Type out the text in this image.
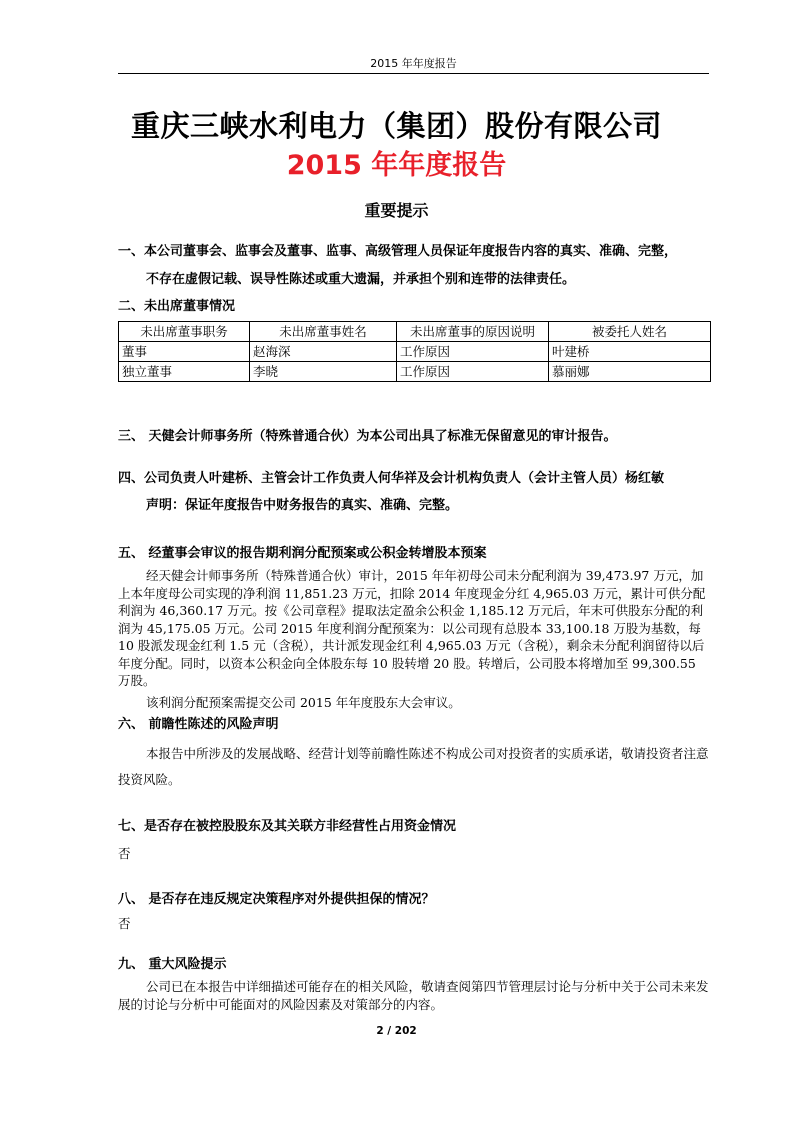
2015 年年度报告
重庆三峡水利电力（集团）股份有限公司
2015 年年度报告
重要提示
一、本公司董事会、监事会及董事、监事、高级管理人员保证年度报告内容的真实、准确、完整，
不存在虚假记载、误导性陈述或重大遗漏，并承担个别和连带的法律责任。
二、未出席董事情况
未出席董事职务	未出席董事姓名	未出席董事的原因说明	被委托人姓名
董事	赵海深	工作原因	叶建桥
独立董事	李晓	工作原因	慕丽娜
三、 天健会计师事务所（特殊普通合伙）为本公司出具了标准无保留意见的审计报告。
四、公司负责人叶建桥、主管会计工作负责人何华祥及会计机构负责人（会计主管人员）杨红敏
声明：保证年度报告中财务报告的真实、准确、完整。
五、 经董事会审议的报告期利润分配预案或公积金转增股本预案
经天健会计师事务所（特殊普通合伙）审计，2015 年年初母公司未分配利润为 39,473.97 万元，加上本年度母公司实现的净利润 11,851.23 万元，扣除 2014 年度现金分红 4,965.03 万元，累计可供分配利润为 46,360.17 万元。按《公司章程》提取法定盈余公积金 1,185.12 万元后，年末可供股东分配的利润为 45,175.05 万元。公司 2015 年度利润分配预案为：以公司现有总股本 33,100.18 万股为基数，每 10 股派发现金红利 1.5 元（含税），共计派发现金红利 4,965.03 万元（含税），剩余未分配利润留待以后年度分配。同时，以资本公积金向全体股东每 10 股转增 20 股。转增后，公司股本将增加至 99,300.55 万股。
该利润分配预案需提交公司 2015 年年度股东大会审议。
六、 前瞻性陈述的风险声明
本报告中所涉及的发展战略、经营计划等前瞻性陈述不构成公司对投资者的实质承诺，敬请投资者注意投资风险。
七、是否存在被控股股东及其关联方非经营性占用资金情况
否
八、 是否存在违反规定决策程序对外提供担保的情况？
否
九、 重大风险提示
公司已在本报告中详细描述可能存在的相关风险，敬请查阅第四节管理层讨论与分析中关于公司未来发展的讨论与分析中可能面对的风险因素及对策部分的内容。
2 / 202
